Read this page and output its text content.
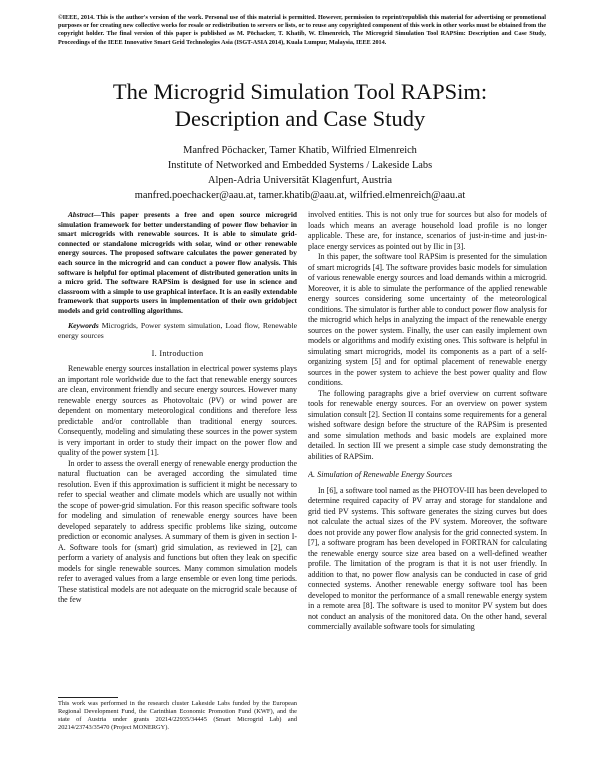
©IEEE, 2014. This is the author's version of the work. Personal use of this material is permitted. However, permission to reprint/republish this material for advertising or promotional purposes or for creating new collective works for resale or redistribution to servers or lists, or to reuse any copyrighted component of this work in other works must be obtained from the copyright holder. The final version of this paper is published as M. Pöchacker, T. Khatib, W. Elmenreich, The Microgrid Simulation Tool RAPSim: Description and Case Study, Proceedings of the IEEE Innovative Smart Grid Technologies Asia (ISGT-ASIA 2014), Kuala Lumpur, Malaysia, IEEE 2014.
The Microgrid Simulation Tool RAPSim:
Description and Case Study
Manfred Pöchacker, Tamer Khatib, Wilfried Elmenreich
Institute of Networked and Embedded Systems / Lakeside Labs
Alpen-Adria Universität Klagenfurt, Austria
manfred.poechacker@aau.at, tamer.khatib@aau.at, wilfried.elmenreich@aau.at

Abstract—This paper presents a free and open source microgrid simulation framework for better understanding of power flow behavior in smart microgrids with renewable sources. It is able to simulate grid-connected or standalone microgrids with solar, wind or other renewable energy sources. The proposed software calculates the power generated by each source in the microgrid and can conduct a power flow analysis. This software is helpful for optimal placement of distributed generation units in a micro grid. The software RAPSim is designed for use in science and classroom with a simple to use graphical interface. It is an easily extendable framework that supports users in implementation of their own gridobject models and grid controlling algorithms.

Keywords Microgrids, Power system simulation, Load flow, Renewable energy sources

I. Introduction

Renewable energy sources installation in electrical power systems plays an important role worldwide due to the fact that renewable energy sources are clean, environment friendly and secure energy sources. However many renewable energy sources as Photovoltaic (PV) or wind power are dependent on momentary meteorological conditions and therefore less predictable and/or controllable than traditional energy sources. Consequently, modeling and simulating these sources in the power system is very important in order to study their impact on the power flow and quality of the power system [1].

In order to assess the overall energy of renewable energy production the natural fluctuation can be averaged according the simulated time resolution. Even if this approximation is sufficient it might be necessary to refer to special weather and climate models which are usually not within the scope of power-grid simulation. For this reason specific software tools for modeling and simulation of renewable energy sources have been developed separately to address specific problems like sizing, outcome prediction or economic analyses. A summary of them is given in section I-A. Software tools for (smart) grid simulation, as reviewed in [2], can perform a variety of analysis and functions but often they leak on specific models for single renewable sources. Many common simulation models refer to averaged values from a large ensemble or even long time periods. These statistical models are not adequate on the microgrid scale because of the few

This work was performed in the research cluster Lakeside Labs funded by the European Regional Development Fund, the Carinthian Economic Promotion Fund (KWF), and the state of Austria under grants 20214/22935/34445 (Smart Microgrid Lab) and 20214/23743/35470 (Project MONERGY).

involved entities. This is not only true for sources but also for models of loads which means an average household load profile is no longer applicable. These are, for instance, scenarios of just-in-time and just-in-place energy services as pointed out by Ilic in [3].

In this paper, the software tool RAPSim is presented for the simulation of smart microgrids [4]. The software provides basic models for simulation of various renewable energy sources and load demands within a microgrid. Moreover, it is able to simulate the performance of the applied renewable energy sources considering some uncertainty of the meteorological conditions. The simulator is further able to conduct power flow analysis for the microgrid which helps in analyzing the impact of the renewable energy sources on the power system. Finally, the user can easily implement own models or algorithms and modify existing ones. This software is helpful in simulating smart microgrids, model its components as a part of a self-organizing system [5] and for optimal placement of renewable energy sources in the power system to achieve the best power quality and flow conditions.

The following paragraphs give a brief overview on current software tools for renewable energy sources. For an overview on power system simulation consult [2]. Section II contains some requirements for a general wished software design before the structure of the RAPSim is presented and some simulation methods and basic models are explained more detailed. In section III we present a simple case study demonstrating the abilities of RAPSim.

A. Simulation of Renewable Energy Sources

In [6], a software tool named as the PHOTOV-III has been developed to determine required capacity of PV array and storage for standalone and grid tied PV systems. This software generates the sizing curves but does not calculate the actual sizes of the PV system. Moreover, the software does not provide any power flow analysis for the grid connected system. In [7], a software program has been developed in FORTRAN for calculating the renewable energy source size area based on a well-defined weather profile. The limitation of the program is that it is not user friendly. In addition to that, no power flow analysis can be conducted in case of grid connected systems. Another renewable energy software tool has been developed to monitor the performance of a small renewable energy system in a remote area [8]. The software is used to monitor PV system but does not conduct an analysis of the monitored data. On the other hand, several commercially available software tools for simulating
